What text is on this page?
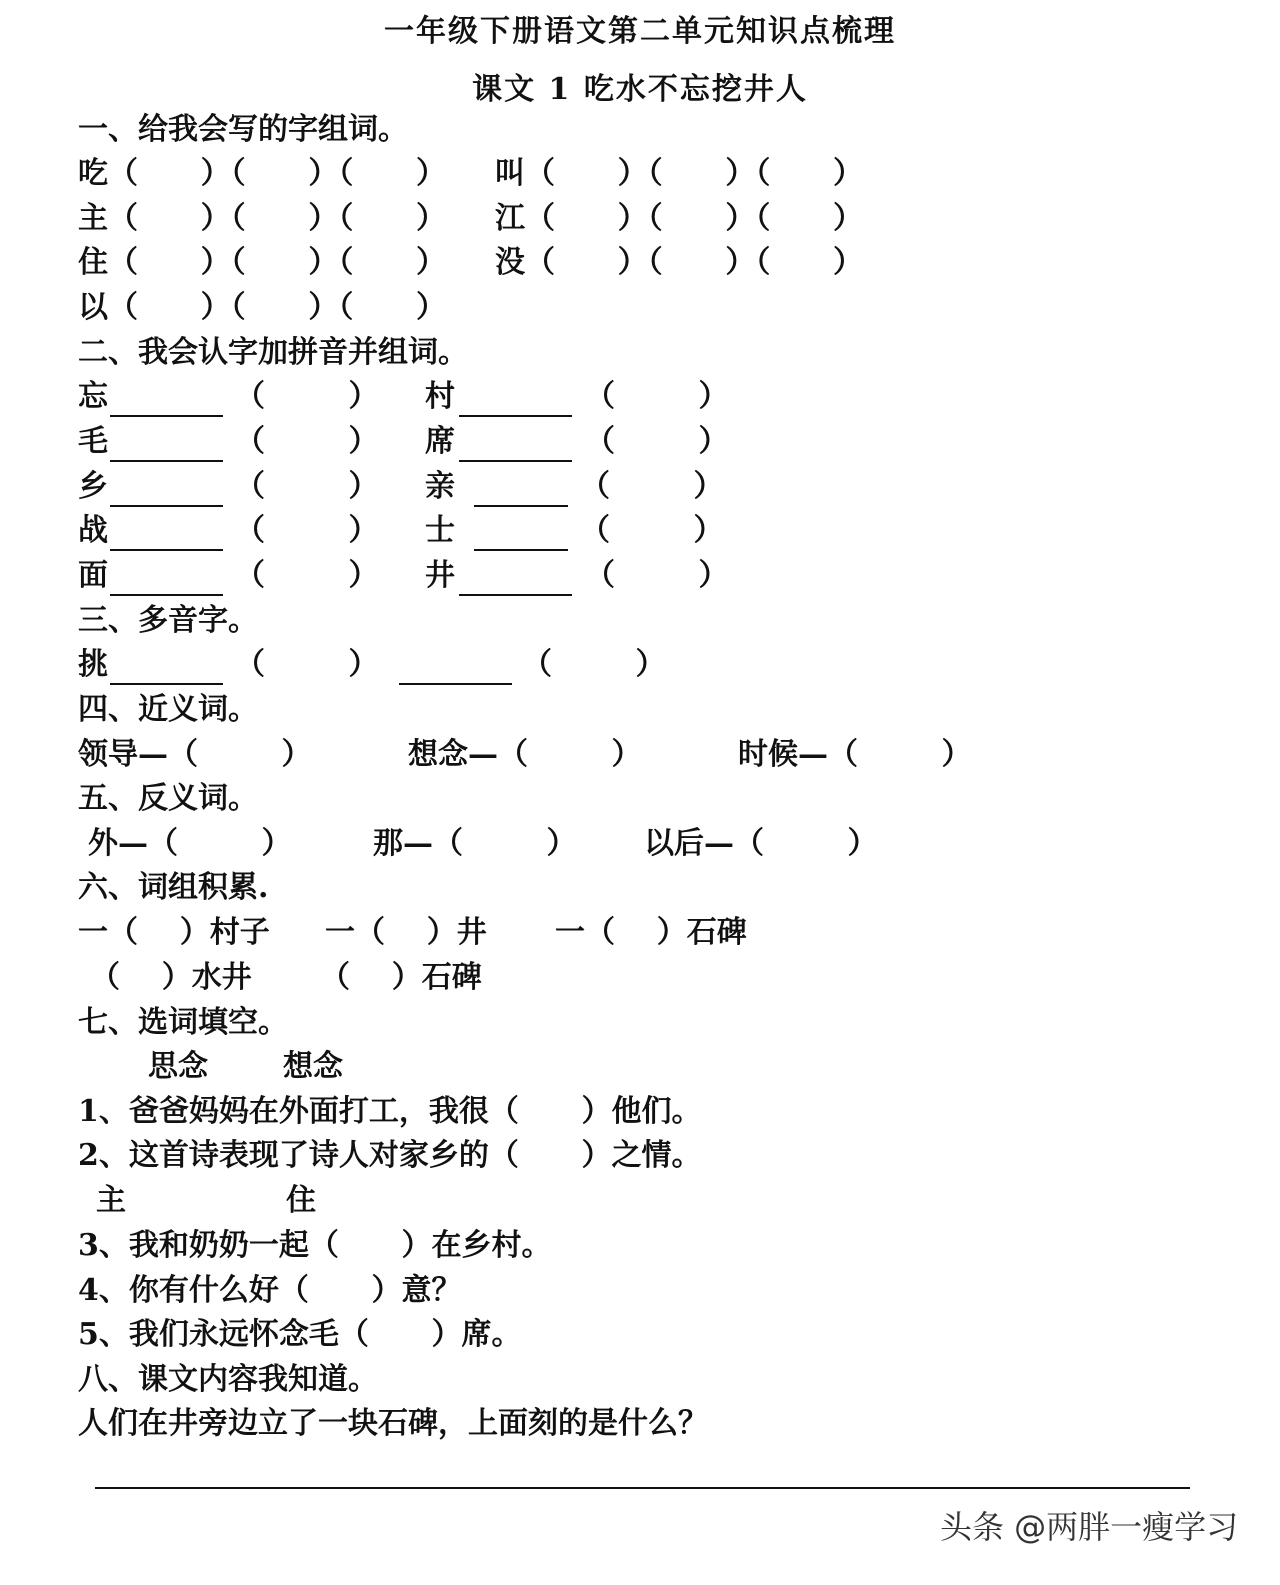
一年级下册语文第二单元知识点梳理
课文 1 吃水不忘挖井人
一、给我会写的字组词。
吃（      ）（      ）（      ） 叫（      ）（      ）（      ）
主（      ）（      ）（      ） 江（      ）（      ）（      ）
住（      ）（      ）（      ） 没（      ）（      ）（      ）
以（      ）（      ）（      ）
二、我会认字加拼音并组词。
忘	（        ） 村	（        ）
毛	（        ） 席	（        ）
乡	（        ） 亲	（        ）
战	（        ） 士	（        ）
面	（        ） 井	（        ）
三、多音字。
挑	（        ）	（        ）
四、近义词。
领导—（        ）	想念—（        ）	时候—（        ）
五、反义词。
外—（        ）	那—（        ） 以后—（        ）
六、词组积累.
一（    ）村子 一（    ）井 一（    ）石碑
（    ）水井 （    ）石碑
七、选词填空。
思念	想念
1、爸爸妈妈在外面打工，我很（      ）他们。
2、这首诗表现了诗人对家乡的（      ）之情。
主	住
3、我和奶奶一起（      ）在乡村。
4、你有什么好（      ）意？
5、我们永远怀念毛（      ）席。
八、课文内容我知道。
人们在井旁边立了一块石碑，上面刻的是什么？
头条 @两胖一瘦学习
